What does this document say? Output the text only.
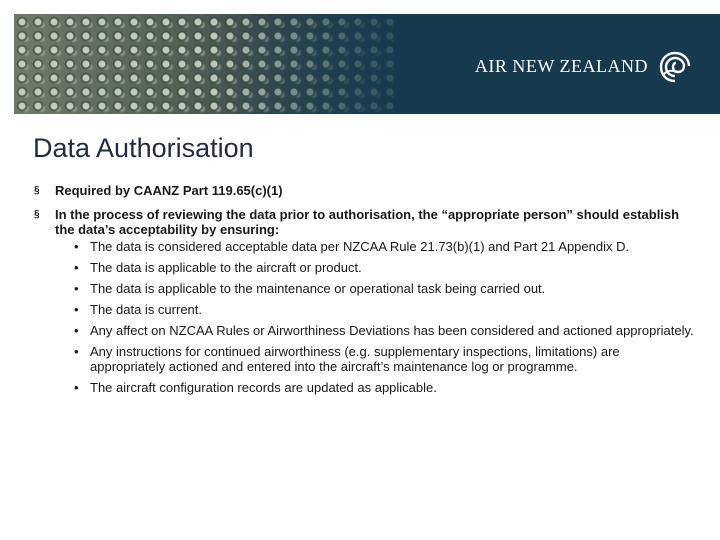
AIR NEW ZEALAND
Data Authorisation
§ Required by CAANZ Part 119.65(c)(1)
§ In the process of reviewing the data prior to authorisation, the “appropriate person” should establish the data’s acceptability by ensuring:
• The data is considered acceptable data per NZCAA Rule 21.73(b)(1) and Part 21 Appendix D.
• The data is applicable to the aircraft or product.
• The data is applicable to the maintenance or operational task being carried out.
• The data is current.
• Any affect on NZCAA Rules or Airworthiness Deviations has been considered and actioned appropriately.
• Any instructions for continued airworthiness (e.g. supplementary inspections, limitations) are appropriately actioned and entered into the aircraft’s maintenance log or programme.
• The aircraft configuration records are updated as applicable.
